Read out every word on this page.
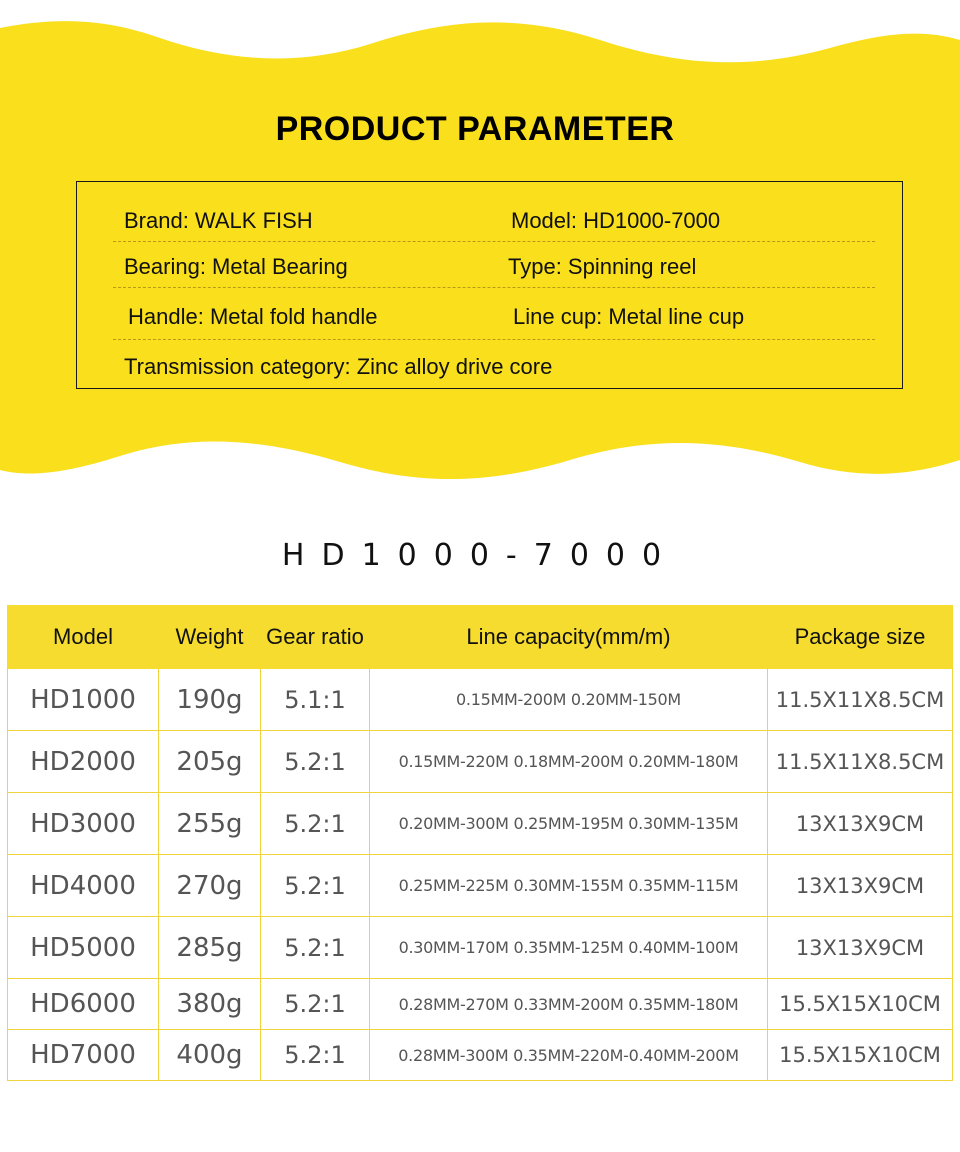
PRODUCT PARAMETER
Brand: WALK FISH	Model: HD1000-7000
Bearing: Metal Bearing	Type: Spinning reel
Handle: Metal fold handle	Line cup: Metal line cup
Transmission category: Zinc alloy drive core
HD1000-7000
Model	Weight	Gear ratio	Line capacity(mm/m)	Package size
HD1000	190g	5.1:1	0.15MM-200M 0.20MM-150M	11.5X11X8.5CM
HD2000	205g	5.2:1	0.15MM-220M 0.18MM-200M 0.20MM-180M	11.5X11X8.5CM
HD3000	255g	5.2:1	0.20MM-300M 0.25MM-195M 0.30MM-135M	13X13X9CM
HD4000	270g	5.2:1	0.25MM-225M 0.30MM-155M 0.35MM-115M	13X13X9CM
HD5000	285g	5.2:1	0.30MM-170M 0.35MM-125M 0.40MM-100M	13X13X9CM
HD6000	380g	5.2:1	0.28MM-270M 0.33MM-200M 0.35MM-180M	15.5X15X10CM
HD7000	400g	5.2:1	0.28MM-300M 0.35MM-220M-0.40MM-200M	15.5X15X10CM
